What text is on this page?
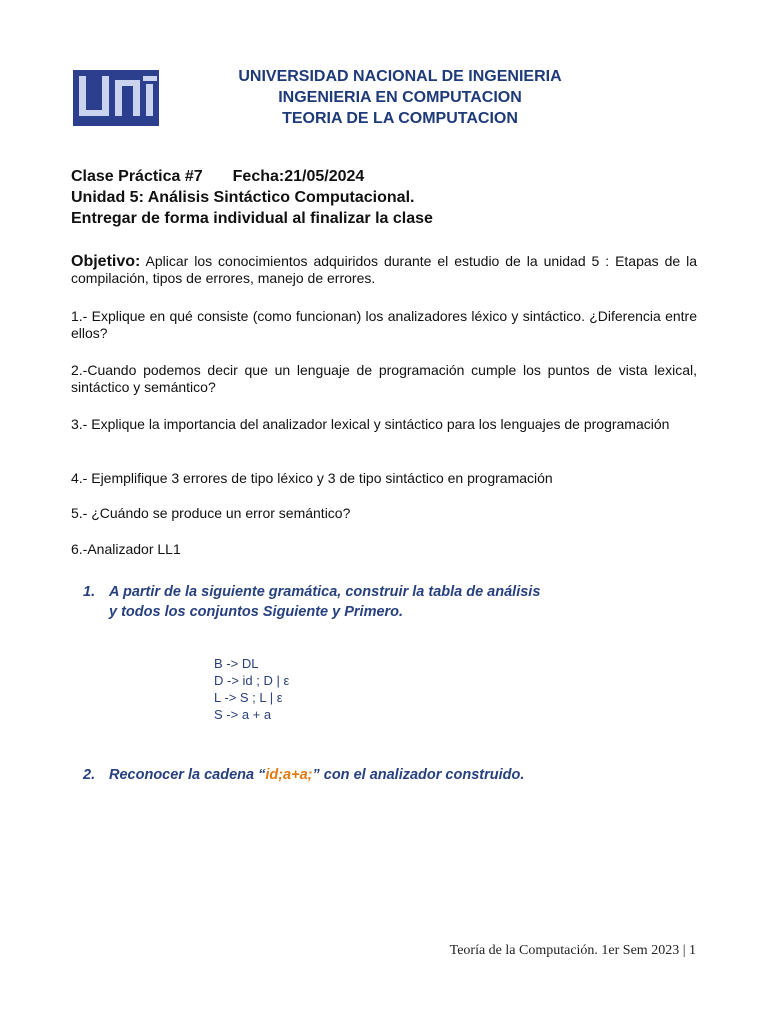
UNIVERSIDAD NACIONAL DE INGENIERIA
INGENIERIA EN COMPUTACION
TEORIA DE LA COMPUTACION
Clase Práctica #7 Fecha:21/05/2024
Unidad 5: Análisis Sintáctico Computacional.
Entregar de forma individual al finalizar la clase
Objetivo: Aplicar los conocimientos adquiridos durante el estudio de la unidad 5 : Etapas de la compilación, tipos de errores, manejo de errores.
1.- Explique en qué consiste (como funcionan) los analizadores léxico y sintáctico. ¿Diferencia entre ellos?
2.-Cuando podemos decir que un lenguaje de programación cumple los puntos de vista lexical, sintáctico y semántico?
3.- Explique la importancia del analizador lexical y sintáctico para los lenguajes de programación
4.- Ejemplifique 3 errores de tipo léxico y 3 de tipo sintáctico en programación
5.- ¿Cuándo se produce un error semántico?
6.-Analizador LL1
1. A partir de la siguiente gramática, construir la tabla de análisis
y todos los conjuntos Siguiente y Primero.
B -> DL
D -> id ; D | ε
L -> S ; L | ε
S -> a + a
2. Reconocer la cadena “id;a+a;” con el analizador construido.
Teoría de la Computación. 1er Sem 2023 | 1
